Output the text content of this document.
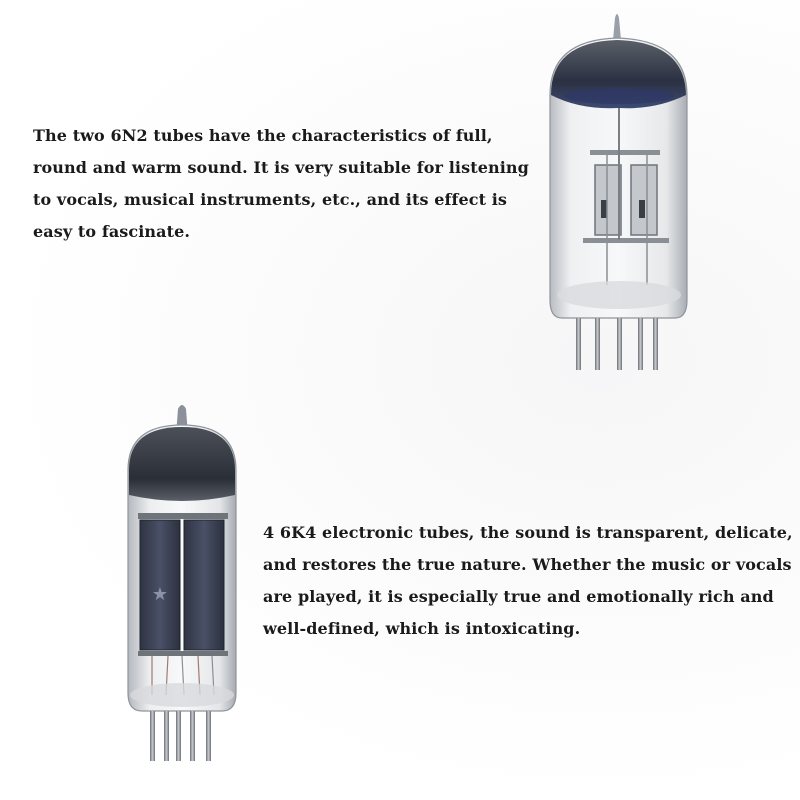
The two 6N2 tubes have the characteristics of full,
round and warm sound. It is very suitable for listening
to vocals, musical instruments, etc., and its effect is
easy to fascinate.
★
4 6K4 electronic tubes, the sound is transparent, delicate,
and restores the true nature. Whether the music or vocals
are played, it is especially true and emotionally rich and
well-defined, which is intoxicating.
